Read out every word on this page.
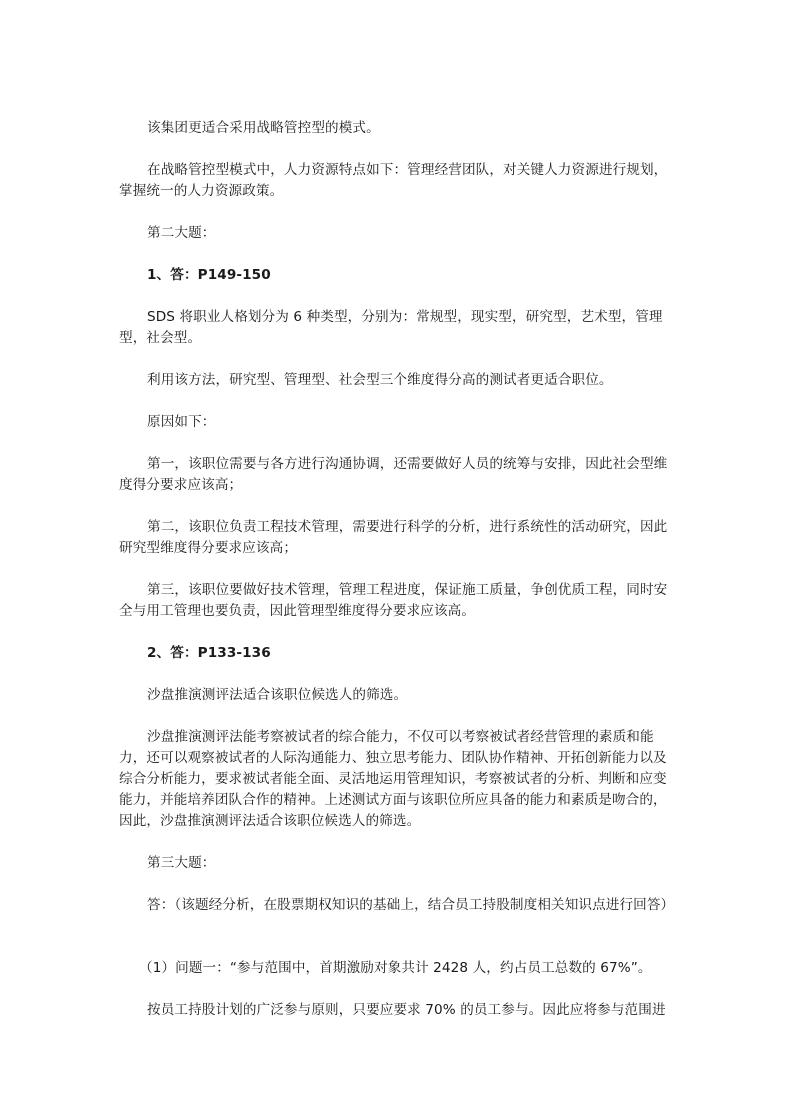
该集团更适合采用战略管控型的模式。

在战略管控型模式中，人力资源特点如下：管理经营团队，对关键人力资源进行规划，掌握统一的人力资源政策。

第二大题：

1、答：P149-150

SDS 将职业人格划分为 6 种类型，分别为：常规型，现实型，研究型，艺术型，管理型，社会型。

利用该方法，研究型、管理型、社会型三个维度得分高的测试者更适合职位。

原因如下：

第一，该职位需要与各方进行沟通协调，还需要做好人员的统筹与安排，因此社会型维度得分要求应该高；

第二，该职位负责工程技术管理，需要进行科学的分析，进行系统性的活动研究，因此研究型维度得分要求应该高；

第三，该职位要做好技术管理，管理工程进度，保证施工质量，争创优质工程，同时安全与用工管理也要负责，因此管理型维度得分要求应该高。

2、答：P133-136

沙盘推演测评法适合该职位候选人的筛选。

沙盘推演测评法能考察被试者的综合能力，不仅可以考察被试者经营管理的素质和能力，还可以观察被试者的人际沟通能力、独立思考能力、团队协作精神、开拓创新能力以及综合分析能力，要求被试者能全面、灵活地运用管理知识，考察被试者的分析、判断和应变能力，并能培养团队合作的精神。上述测试方面与该职位所应具备的能力和素质是吻合的，因此，沙盘推演测评法适合该职位候选人的筛选。

第三大题：

答：（该题经分析，在股票期权知识的基础上，结合员工持股制度相关知识点进行回答）

（1）问题一：“参与范围中，首期激励对象共计 2428 人，约占员工总数的 67%”。

按员工持股计划的广泛参与原则，只要应要求 70% 的员工参与。因此应将参与范围进
